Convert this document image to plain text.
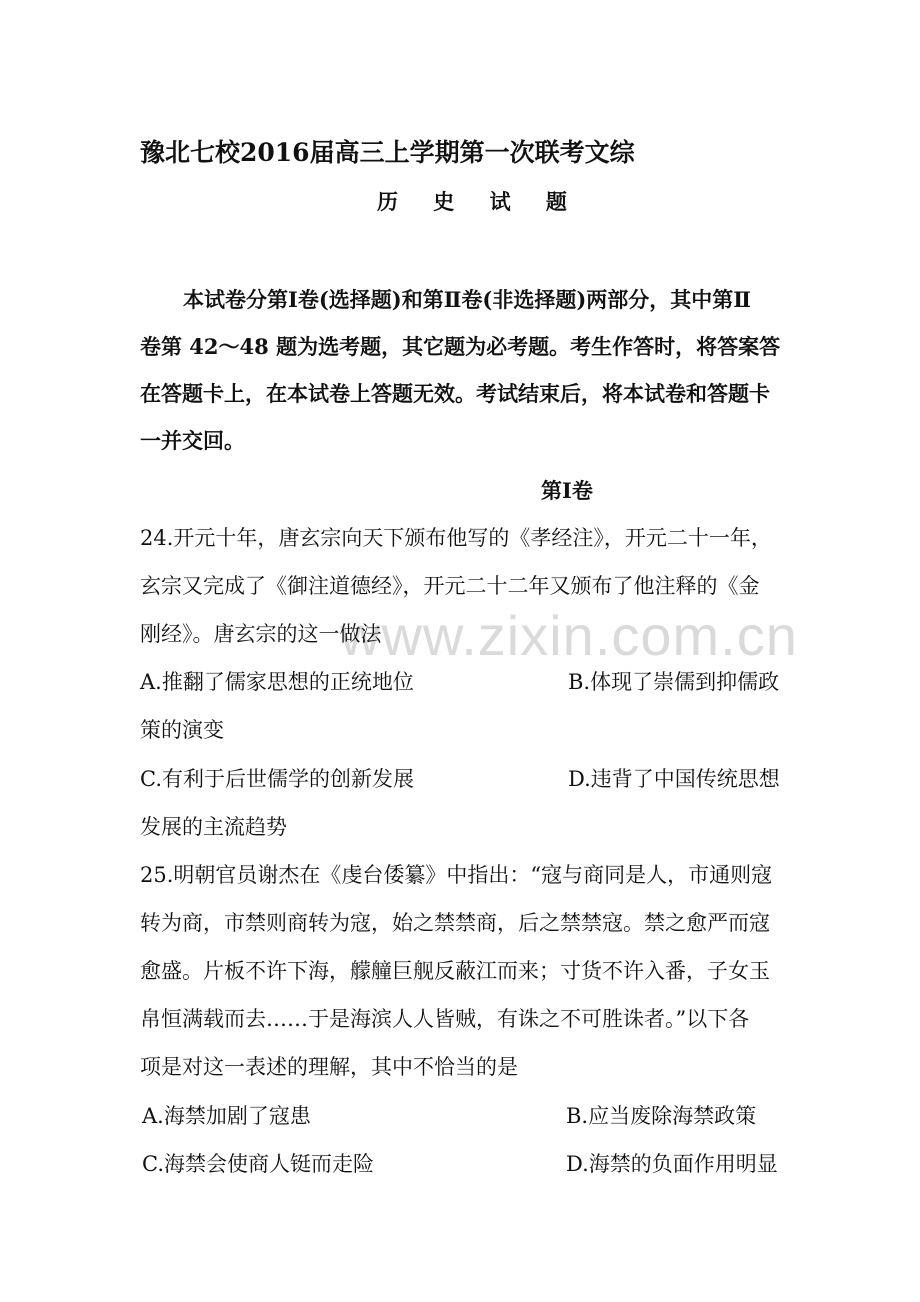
www.zixin.com.cn
豫北七校2016届高三上学期第一次联考文综
历 史 试 题
本试卷分第Ⅰ卷(选择题)和第Ⅱ卷(非选择题)两部分，其中第Ⅱ
卷第 42～48 题为选考题，其它题为必考题。考生作答时，将答案答
在答题卡上，在本试卷上答题无效。考试结束后，将本试卷和答题卡
一并交回。
第Ⅰ卷
24.开元十年，唐玄宗向天下颁布他写的《孝经注》，开元二十一年，
玄宗又完成了《御注道德经》，开元二十二年又颁布了他注释的《金
刚经》。唐玄宗的这一做法
A.推翻了儒家思想的正统地位	B.体现了崇儒到抑儒政
策的演变
C.有利于后世儒学的创新发展	D.违背了中国传统思想
发展的主流趋势
25.明朝官员谢杰在《虔台倭纂》中指出：“寇与商同是人，市通则寇
转为商，市禁则商转为寇，始之禁禁商，后之禁禁寇。禁之愈严而寇
愈盛。片板不许下海，艨艟巨舰反蔽江而来；寸货不许入番，子女玉
帛恒满载而去……于是海滨人人皆贼，有诛之不可胜诛者。”以下各
项是对这一表述的理解，其中不恰当的是
A.海禁加剧了寇患	B.应当废除海禁政策
C.海禁会使商人铤而走险	D.海禁的负面作用明显
